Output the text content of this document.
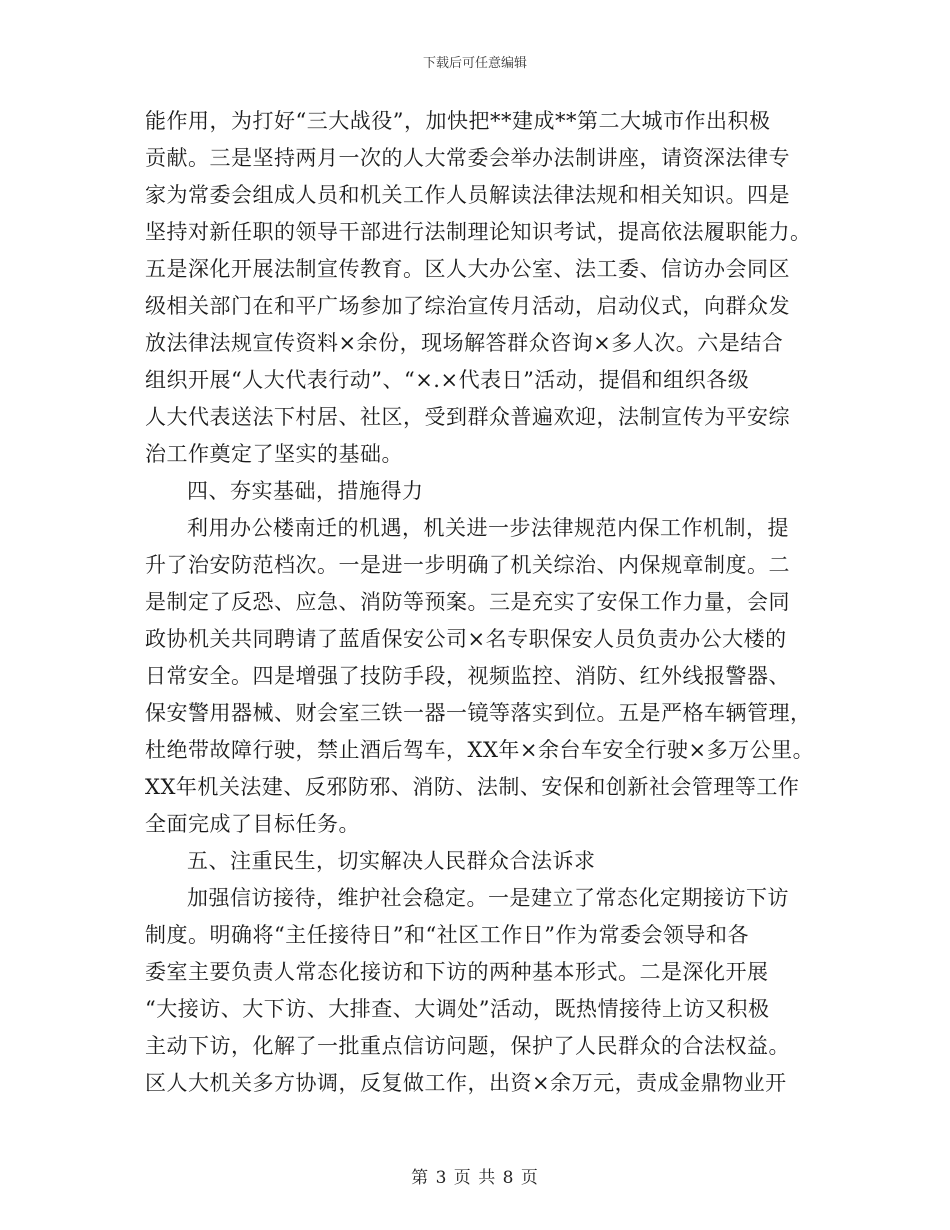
下载后可任意编辑
能作用，为打好“三大战役”，加快把**建成**第二大城市作出积极
贡献。三是坚持两月一次的人大常委会举办法制讲座，请资深法律专
家为常委会组成人员和机关工作人员解读法律法规和相关知识。四是
坚持对新任职的领导干部进行法制理论知识考试，提高依法履职能力。
五是深化开展法制宣传教育。区人大办公室、法工委、信访办会同区
级相关部门在和平广场参加了综治宣传月活动，启动仪式，向群众发
放法律法规宣传资料×余份，现场解答群众咨询×多人次。六是结合
组织开展“人大代表行动”、“×.×代表日”活动，提倡和组织各级
人大代表送法下村居、社区，受到群众普遍欢迎，法制宣传为平安综
治工作奠定了坚实的基础。
四、夯实基础，措施得力
利用办公楼南迁的机遇，机关进一步法律规范内保工作机制，提
升了治安防范档次。一是进一步明确了机关综治、内保规章制度。二
是制定了反恐、应急、消防等预案。三是充实了安保工作力量，会同
政协机关共同聘请了蓝盾保安公司×名专职保安人员负责办公大楼的
日常安全。四是增强了技防手段，视频监控、消防、红外线报警器、
保安警用器械、财会室三铁一器一镜等落实到位。五是严格车辆管理，
杜绝带故障行驶，禁止酒后驾车，XX年×余台车安全行驶×多万公里。
XX年机关法建、反邪防邪、消防、法制、安保和创新社会管理等工作
全面完成了目标任务。
五、注重民生，切实解决人民群众合法诉求
加强信访接待，维护社会稳定。一是建立了常态化定期接访下访
制度。明确将“主任接待日”和“社区工作日”作为常委会领导和各
委室主要负责人常态化接访和下访的两种基本形式。二是深化开展
“大接访、大下访、大排查、大调处”活动，既热情接待上访又积极
主动下访，化解了一批重点信访问题，保护了人民群众的合法权益。
区人大机关多方协调，反复做工作，出资×余万元，责成金鼎物业开
第 3 页 共 8 页
